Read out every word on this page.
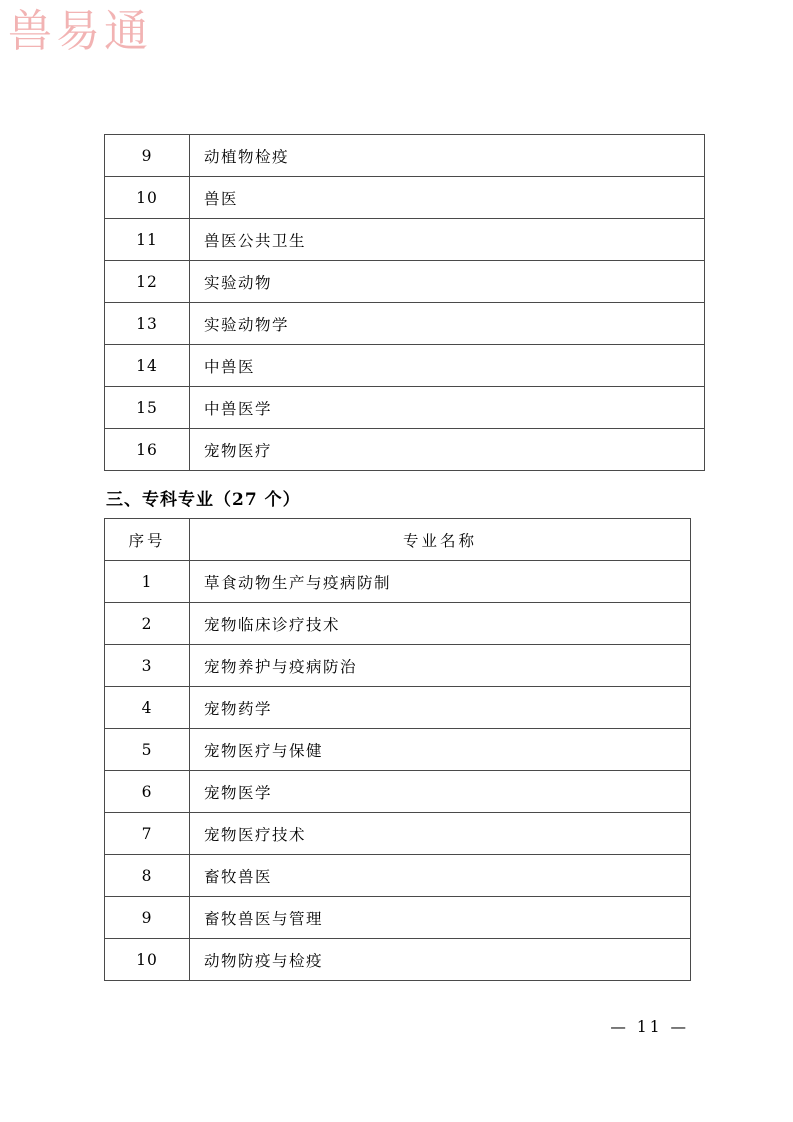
兽易通
9	动植物检疫
10	兽医
11	兽医公共卫生
12	实验动物
13	实验动物学
14	中兽医
15	中兽医学
16	宠物医疗
三、专科专业（27 个）
序号	专业名称
1	草食动物生产与疫病防制
2	宠物临床诊疗技术
3	宠物养护与疫病防治
4	宠物药学
5	宠物医疗与保健
6	宠物医学
7	宠物医疗技术
8	畜牧兽医
9	畜牧兽医与管理
10	动物防疫与检疫
— 11 —
